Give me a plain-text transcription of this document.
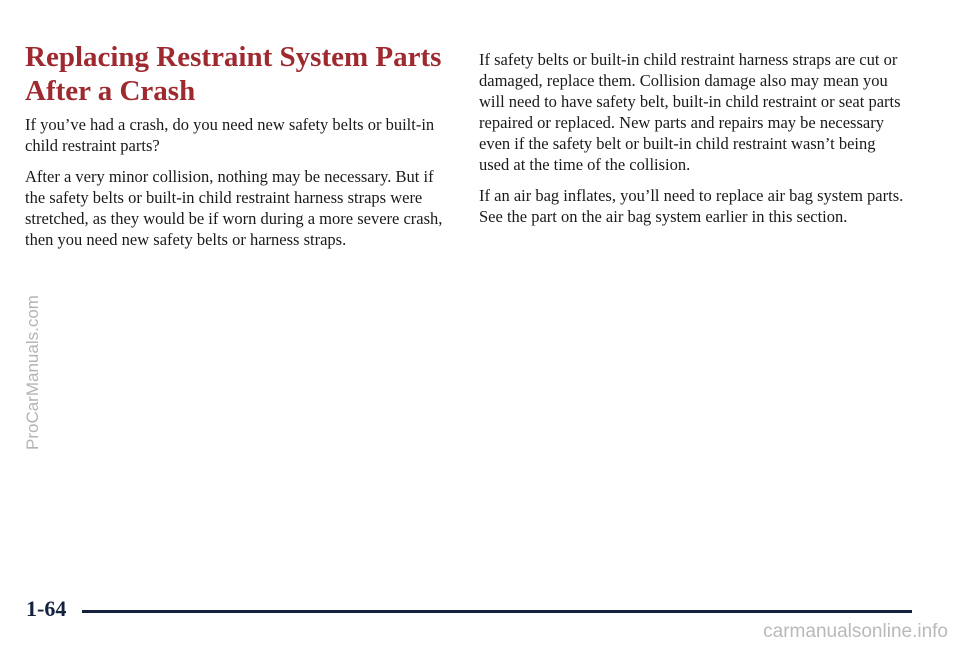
Replacing Restraint System Parts After a Crash

If you’ve had a crash, do you need new safety belts or built-in child restraint parts?

After a very minor collision, nothing may be necessary. But if the safety belts or built-in child restraint harness straps were stretched, as they would be if worn during a more severe crash, then you need new safety belts or harness straps.

If safety belts or built-in child restraint harness straps are cut or damaged, replace them. Collision damage also may mean you will need to have safety belt, built-in child restraint or seat parts repaired or replaced. New parts and repairs may be necessary even if the safety belt or built-in child restraint wasn’t being used at the time of the collision.

If an air bag inflates, you’ll need to replace air bag system parts. See the part on the air bag system earlier in this section.

1-64
ProCarManuals.com
carmanualsonline.info
